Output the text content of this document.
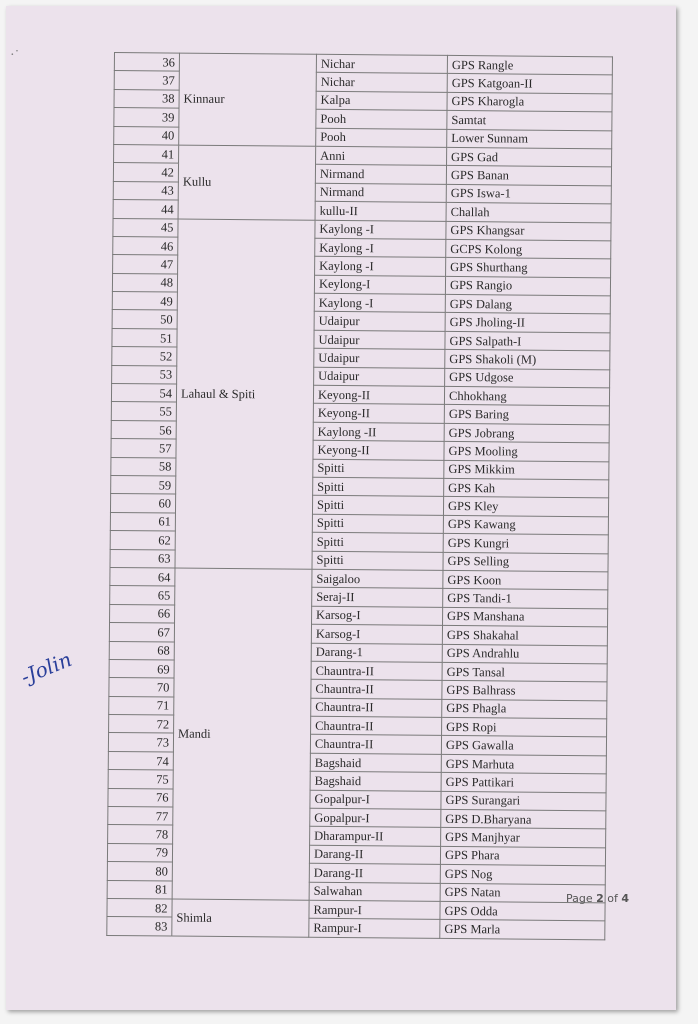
·˙	36	Kinnaur	Nichar	GPS Rangle
37		Nichar	GPS Katgoan-II
38		Kalpa	GPS Kharogla
39		Pooh	Samtat
40		Pooh	Lower Sunnam
41	Kullu	Anni	GPS Gad
42		Nirmand	GPS Banan
43		Nirmand	GPS Iswa-1
44		kullu-II	Challah
45	Lahaul & Spiti	Kaylong -I	GPS Khangsar
46		Kaylong -I	GCPS Kolong
47		Kaylong -I	GPS Shurthang
48		Keylong-I	GPS Rangio
49		Kaylong -I	GPS Dalang
50		Udaipur	GPS Jholing-II
51		Udaipur	GPS Salpath-I
52		Udaipur	GPS Shakoli (M)
53		Udaipur	GPS Udgose
54		Keyong-II	Chhokhang
55		Keyong-II	GPS Baring
56		Kaylong -II	GPS Jobrang
57		Keyong-II	GPS Mooling
58		Spitti	GPS Mikkim
59		Spitti	GPS Kah
60		Spitti	GPS Kley
61		Spitti	GPS Kawang
62		Spitti	GPS Kungri
63		Spitti	GPS Selling
64	Mandi	Saigaloo	GPS Koon
65		Seraj-II	GPS Tandi-1
66		Karsog-I	GPS Manshana
67		Karsog-I	GPS Shakahal
68		Darang-1	GPS Andrahlu
69		Chauntra-II	GPS Tansal
70		Chauntra-II	GPS Balhrass
71		Chauntra-II	GPS Phagla
72		Chauntra-II	GPS Ropi
73		Chauntra-II	GPS Gawalla
74		Bagshaid	GPS Marhuta
75		Bagshaid	GPS Pattikari
76		Gopalpur-I	GPS Surangari
77		Gopalpur-I	GPS D.Bharyana
78		Dharampur-II	GPS Manjhyar
79		Darang-II	GPS Phara
80		Darang-II	GPS Nog
81		Salwahan	GPS Natan
82	Shimla	Rampur-I	GPS Odda
83		Rampur-I	GPS Marla
-Jolin
Page 2 of 4
